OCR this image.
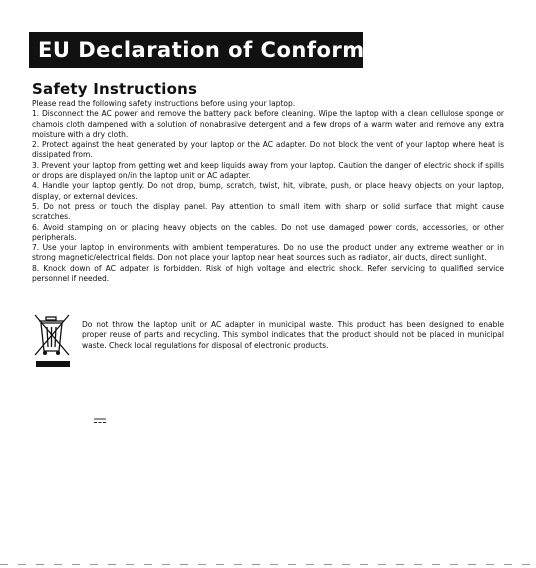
EU Declaration of Conformity
Safety Instructions

Please read the following safety instructions before using your laptop.

1. Disconnect the AC power and remove the battery pack before cleaning. Wipe the laptop with a clean cellulose sponge or chamois cloth dampened with a solution of nonabrasive detergent and a few drops of a warm water and remove any extra moisture with a dry cloth.

2. Protect against the heat generated by your laptop or the AC adapter. Do not block the vent of your laptop where heat is dissipated from.

3. Prevent your laptop from getting wet and keep liquids away from your laptop. Caution the danger of electric shock if spills or drops are displayed on/in the laptop unit or AC adapter.

4. Handle your laptop gently. Do not drop, bump, scratch, twist, hit, vibrate, push, or place heavy objects on your laptop, display, or external devices.

5. Do not press or touch the display panel. Pay attention to small item with sharp or solid surface that might cause scratches.

6. Avoid stamping on or placing heavy objects on the cables. Do not use damaged power cords, accessories, or other peripherals.

7. Use your laptop in environments with ambient temperatures. Do no use the product under any extreme weather or in strong magnetic/electrical fields. Don not place your laptop near heat sources such as radiator, air ducts, direct sunlight.

8. Knock down of AC adpater is forbidden. Risk of high voltage and electric shock. Refer servicing to qualified service personnel if needed.

Do not throw the laptop unit or AC adapter in municipal waste. This product has been designed to enable proper reuse of parts and recycling. This symbol indicates that the product should not be placed in municipal waste. Check local regulations for disposal of electronic products.
